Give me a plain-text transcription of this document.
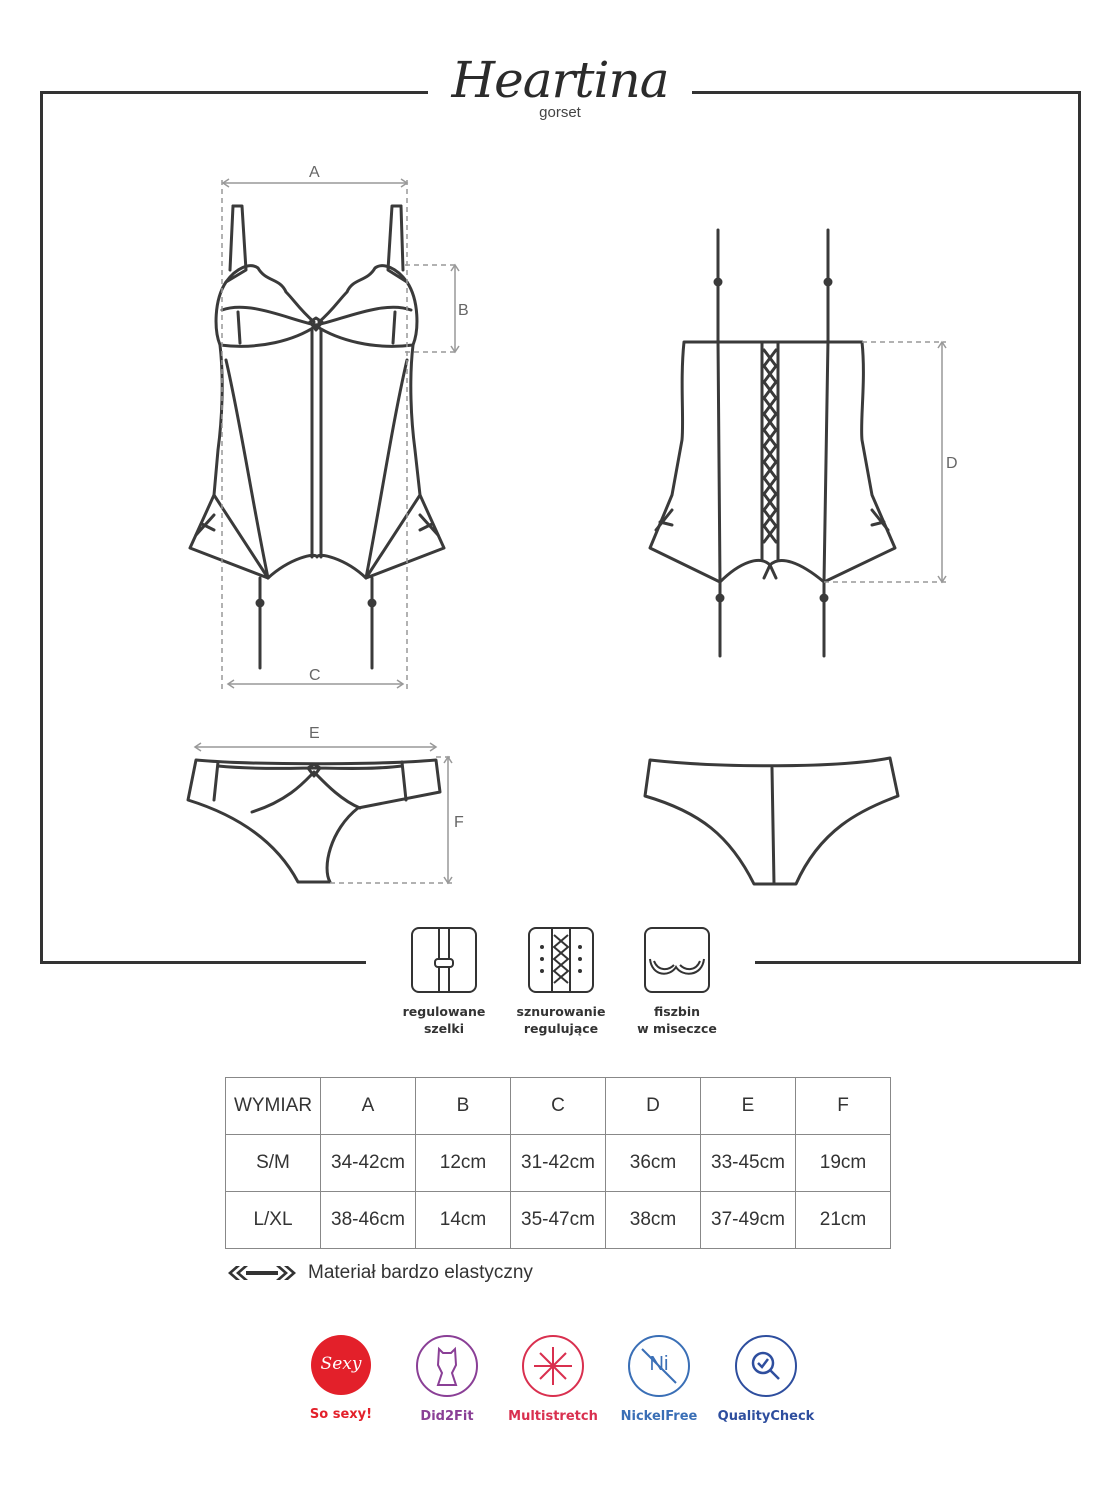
Heartina
gorset
A
B
C
D
E
F
regulowane
szelki
sznurowanie
regulujące
fiszbin
w miseczce
WYMIAR	A	B	C	D	E	F
S/M	34-42cm	12cm	31-42cm	36cm	33-45cm	19cm
L/XL	38-46cm	14cm	35-47cm	38cm	37-49cm	21cm
Materiał bardzo elastyczny
Sexy
So sexy!	Did2Fit	Multistretch
Ni
NickelFree	QualityCheck
